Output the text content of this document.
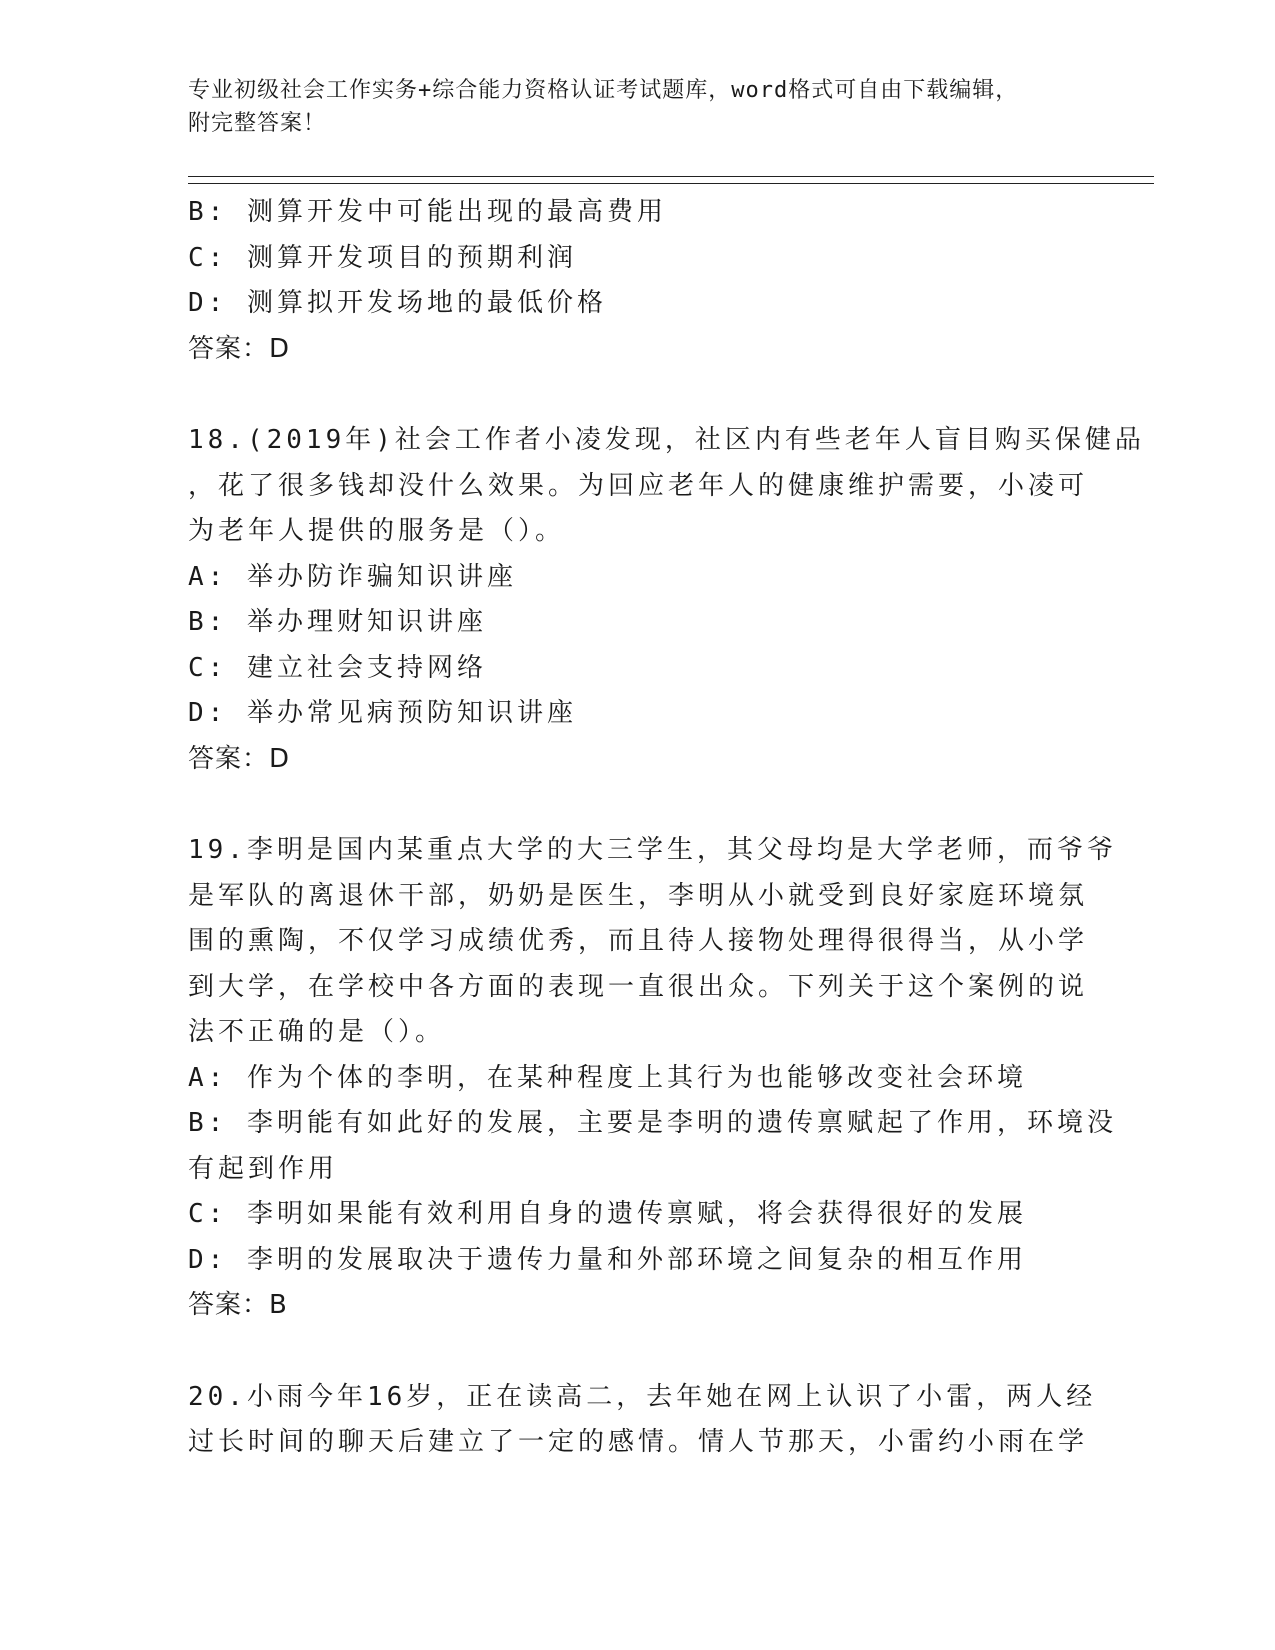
专业初级社会工作实务+综合能力资格认证考试题库，word格式可自由下载编辑，
附完整答案！
B: 测算开发中可能出现的最高费用
C: 测算开发项目的预期利润
D: 测算拟开发场地的最低价格
答案：D
18.(2019年)社会工作者小凌发现，社区内有些老年人盲目购买保健品
，花了很多钱却没什么效果。为回应老年人的健康维护需要，小凌可
为老年人提供的服务是（）。
A: 举办防诈骗知识讲座
B: 举办理财知识讲座
C: 建立社会支持网络
D: 举办常见病预防知识讲座
答案：D
19.李明是国内某重点大学的大三学生，其父母均是大学老师，而爷爷
是军队的离退休干部，奶奶是医生，李明从小就受到良好家庭环境氛
围的熏陶，不仅学习成绩优秀，而且待人接物处理得很得当，从小学
到大学，在学校中各方面的表现一直很出众。下列关于这个案例的说
法不正确的是（）。
A: 作为个体的李明，在某种程度上其行为也能够改变社会环境
B: 李明能有如此好的发展，主要是李明的遗传禀赋起了作用，环境没
有起到作用
C: 李明如果能有效利用自身的遗传禀赋，将会获得很好的发展
D: 李明的发展取决于遗传力量和外部环境之间复杂的相互作用
答案：B
20.小雨今年16岁，正在读高二，去年她在网上认识了小雷，两人经
过长时间的聊天后建立了一定的感情。情人节那天，小雷约小雨在学
